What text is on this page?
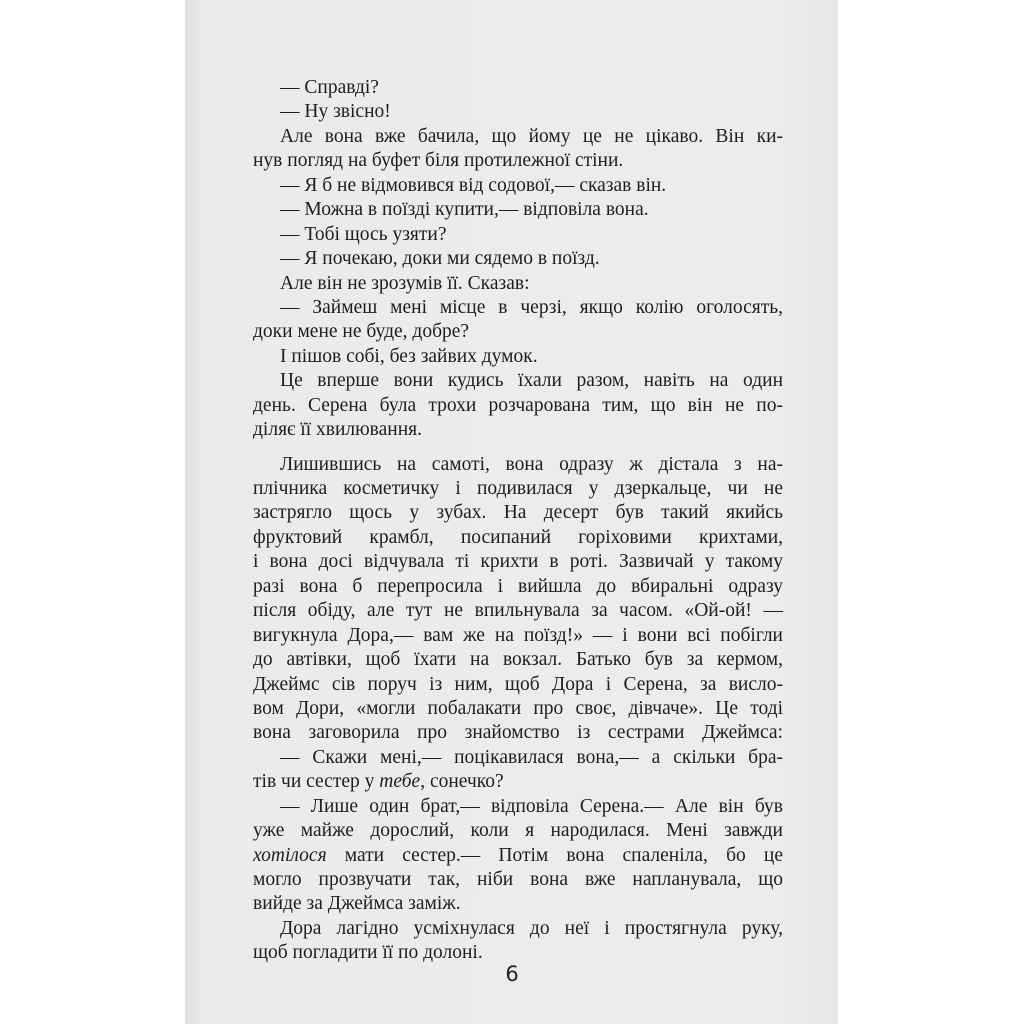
— Справді?
— Ну звісно!
Але вона вже бачила, що йому це не цікаво. Він ки-
нув погляд на буфет біля протилежної стіни.
— Я б не відмовився від содової,— сказав він.
— Можна в поїзді купити,— відповіла вона.
— Тобі щось узяти?
— Я почекаю, доки ми сядемо в поїзд.
Але він не зрозумів її. Сказав:
— Займеш мені місце в черзі, якщо колію оголосять,
доки мене не буде, добре?
І пішов собі, без зайвих думок.
Це вперше вони кудись їхали разом, навіть на один
день. Серена була трохи розчарована тим, що він не по-
діляє її хвилювання.
Лишившись на самоті, вона одразу ж дістала з на-
плічника косметичку і подивилася у дзеркальце, чи не
застрягло щось у зубах. На десерт був такий якийсь
фруктовий крамбл, посипаний горіховими крихтами,
і вона досі відчувала ті крихти в роті. Зазвичай у такому
разі вона б перепросила і вийшла до вбиральні одразу
після обіду, але тут не впильнувала за часом. «Ой-ой! —
вигукнула Дора,— вам же на поїзд!» — і вони всі побігли
до автівки, щоб їхати на вокзал. Батько був за кермом,
Джеймс сів поруч із ним, щоб Дора і Серена, за висло-
вом Дори, «могли побалакати про своє, дівчаче». Це тоді
вона заговорила про знайомство із сестрами Джеймса:
— Скажи мені,— поцікавилася вона,— а скільки бра-
тів чи сестер у тебе, сонечко?
— Лише один брат,— відповіла Серена.— Але він був
уже майже дорослий, коли я народилася. Мені завжди
хотілося мати сестер.— Потім вона спаленіла, бо це
могло прозвучати так, ніби вона вже напланувала, що
вийде за Джеймса заміж.
Дора лагідно усміхнулася до неї і простягнула руку,
щоб погладити її по долоні.
6
